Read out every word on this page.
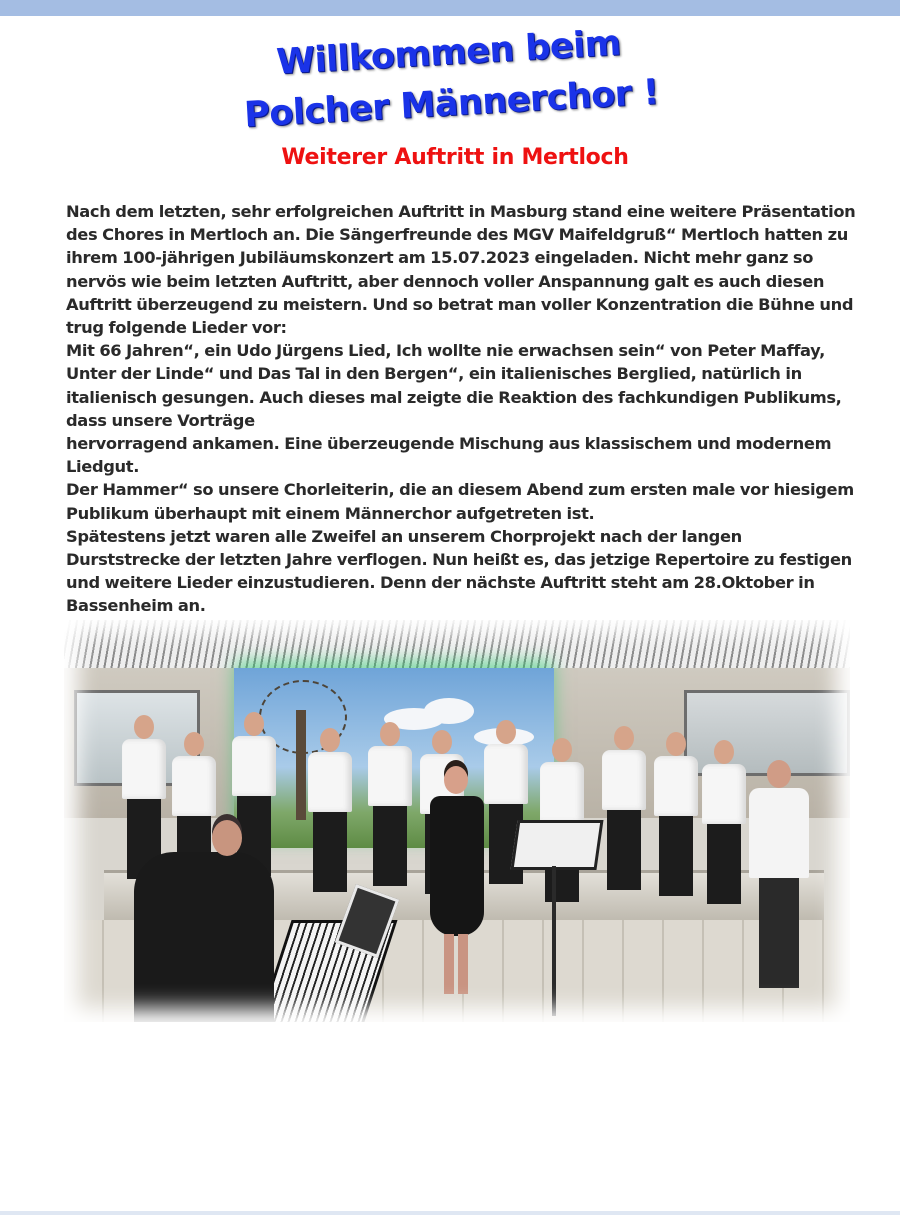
Willkommen beim
Polcher Männerchor !
Weiterer Auftritt in Mertloch

Nach dem letzten, sehr erfolgreichen Auftritt in Masburg stand eine weitere Präsentation des Chores in Mertloch an. Die Sängerfreunde des MGV Maifeldgruß“ Mertloch hatten zu ihrem 100-jährigen Jubiläumskonzert am 15.07.2023 eingeladen. Nicht mehr ganz so nervös wie beim letzten Auftritt, aber dennoch voller Anspannung galt es auch diesen Auftritt überzeugend zu meistern. Und so betrat man voller Konzentration die Bühne und trug folgende Lieder vor:

Mit 66 Jahren“, ein Udo Jürgens Lied, Ich wollte nie erwachsen sein“ von Peter Maffay, Unter der Linde“ und Das Tal in den Bergen“, ein italienisches Berglied, natürlich in italienisch gesungen. Auch dieses mal zeigte die Reaktion des fachkundigen Publikums, dass unsere Vorträge

hervorragend ankamen. Eine überzeugende Mischung aus klassischem und modernem Liedgut.

Der Hammer“ so unsere Chorleiterin, die an diesem Abend zum ersten male vor hiesigem Publikum überhaupt mit einem Männerchor aufgetreten ist.

Spätestens jetzt waren alle Zweifel an unserem Chorprojekt nach der langen Durststrecke der letzten Jahre verflogen. Nun heißt es, das jetzige Repertoire zu festigen und weitere Lieder einzustudieren. Denn der nächste Auftritt steht am 28.Oktober in Bassenheim an.
